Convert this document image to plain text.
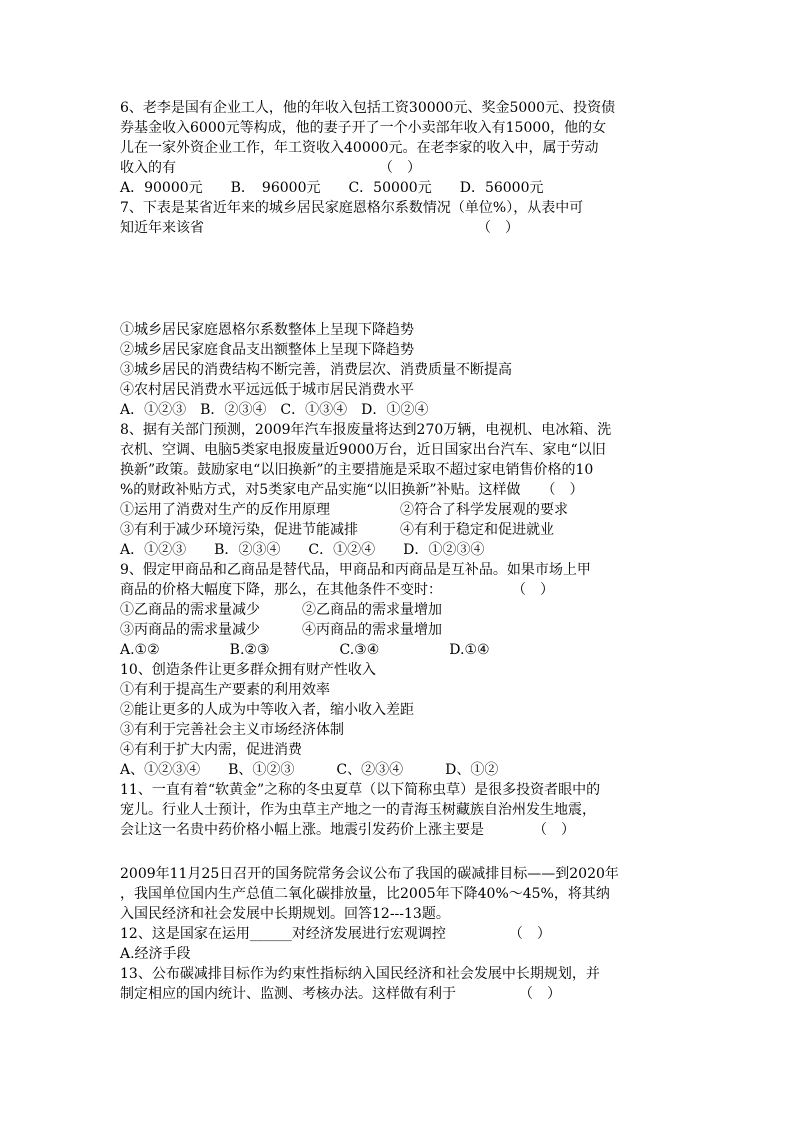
6、老李是国有企业工人，他的年收入包括工资30000元、奖金5000元、投资债
券基金收入6000元等构成，他的妻子开了一个小卖部年收入有15000，他的女
儿在一家外资企业工作，年工资收入40000元。在老李家的收入中，属于劳动
收入的有　　　　　　　　　　　　　　　（　）
A．90000元　　B．　96000元　　C．50000元　　D．56000元
7、下表是某省近年来的城乡居民家庭恩格尔系数情况（单位%），从表中可
知近年来该省　　　　　　　　　　　　　　　　　　　　（　）
①城乡居民家庭恩格尔系数整体上呈现下降趋势
②城乡居民家庭食品支出额整体上呈现下降趋势
③城乡居民的消费结构不断完善，消费层次、消费质量不断提高
④农村居民消费水平远远低于城市居民消费水平
A．①②③　B．②③④　C．①③④　D．①②④
8、据有关部门预测，2009年汽车报废量将达到270万辆，电视机、电冰箱、洗
衣机、空调、电脑5类家电报废量近9000万台，近日国家出台汽车、家电“以旧
换新”政策。鼓励家电“以旧换新”的主要措施是采取不超过家电销售价格的10
%的财政补贴方式，对5类家电产品实施“以旧换新”补贴。这样做　　（　）
①运用了消费对生产的反作用原理　　　　　②符合了科学发展观的要求
③有利于减少环境污染，促进节能减排　　　④有利于稳定和促进就业
A．①②③　　B．②③④　　C．①②④　　D．①②③④
9、假定甲商品和乙商品是替代品，甲商品和丙商品是互补品。如果市场上甲
商品的价格大幅度下降，那么，在其他条件不变时：　　　　　　（　）
①乙商品的需求量减少　　　②乙商品的需求量增加
③丙商品的需求量减少　　　④丙商品的需求量增加
A.①②　　　　　B.②③　　　　　C.③④　　　　　D.①④
10、创造条件让更多群众拥有财产性收入
①有利于提高生产要素的利用效率
②能让更多的人成为中等收入者，缩小收入差距
③有利于完善社会主义市场经济体制
④有利于扩大内需，促进消费
A、①②③④　　B、①②③　　　C、②③④　　　D、①②
11、一直有着“软黄金”之称的冬虫夏草（以下简称虫草）是很多投资者眼中的
宠儿。行业人士预计，作为虫草主产地之一的青海玉树藏族自治州发生地震，
会让这一名贵中药价格小幅上涨。地震引发药价上涨主要是　　　　（　）
2009年11月25日召开的国务院常务会议公布了我国的碳减排目标——到2020年
，我国单位国内生产总值二氧化碳排放量，比2005年下降40%～45%，将其纳
入国民经济和社会发展中长期规划。回答12---13题。
12、这是国家在运用______对经济发展进行宏观调控　　　　　（　）
A.经济手段
13、公布碳减排目标作为约束性指标纳入国民经济和社会发展中长期规划，并
制定相应的国内统计、监测、考核办法。这样做有利于　　　　　（　）
